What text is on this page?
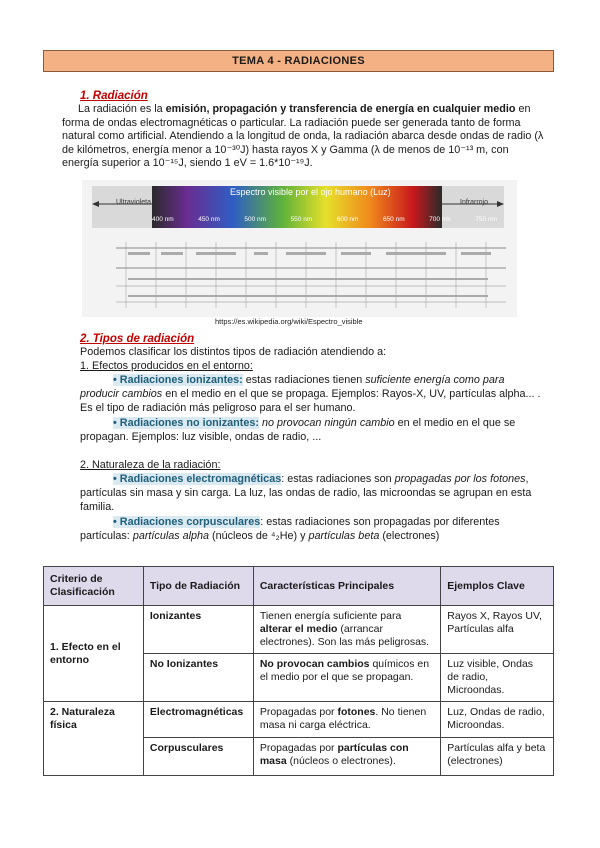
TEMA 4 - RADIACIONES
1. Radiación
La radiación es la emisión, propagación y transferencia de energía en cualquier medio en forma de ondas electromagnéticas o particular. La radiación puede ser generada tanto de forma natural como artificial. Atendiendo a la longitud de onda, la radiación abarca desde ondas de radio (λ de kilómetros, energía menor a 10⁻³⁰J) hasta rayos X y Gamma (λ de menos de 10⁻¹³ m, con energía superior a 10⁻¹⁵J, siendo 1 eV = 1.6*10⁻¹⁹J.
Espectro visible por el ojo humano (Luz)
Ultravioleta	Infrarrojo
400 nm	450 nm	500 nm	550 nm	600 nm	650 nm	700 nm	750 nm
https://es.wikipedia.org/wiki/Espectro_visible
2. Tipos de radiación
Podemos clasificar los distintos tipos de radiación atendiendo a:
1. Efectos producidos en el entorno:
• Radiaciones ionizantes: estas radiaciones tienen suficiente energía como para
producir cambios en el medio en el que se propaga. Ejemplos: Rayos-X, UV, partículas alpha... .
Es el tipo de radiación más peligroso para el ser humano.
• Radiaciones no ionizantes: no provocan ningún cambio en el medio en el que se
propagan. Ejemplos: luz visible, ondas de radio, ...
2. Naturaleza de la radiación:
• Radiaciones electromagnéticas: estas radiaciones son propagadas por los fotones,
partículas sin masa y sin carga. La luz, las ondas de radio, las microondas se agrupan en esta
familia.
• Radiaciones corpusculares: estas radiaciones son propagadas por diferentes
partículas: partículas alpha (núcleos de ⁴₂He) y partículas beta (electrones)
Criterio de Clasificación	Tipo de Radiación	Características Principales	Ejemplos Clave
1. Efecto en el entorno	Ionizantes	Tienen energía suficiente para alterar el medio (arrancar electrones). Son las más peligrosas.	Rayos X, Rayos UV, Partículas alfa
	No Ionizantes	No provocan cambios químicos en el medio por el que se propagan.	Luz visible, Ondas de radio, Microondas.
2. Naturaleza física	Electromagnéticas	Propagadas por fotones. No tienen masa ni carga eléctrica.	Luz, Ondas de radio, Microondas.
	Corpusculares	Propagadas por partículas con masa (núcleos o electrones).	Partículas alfa y beta (electrones)
